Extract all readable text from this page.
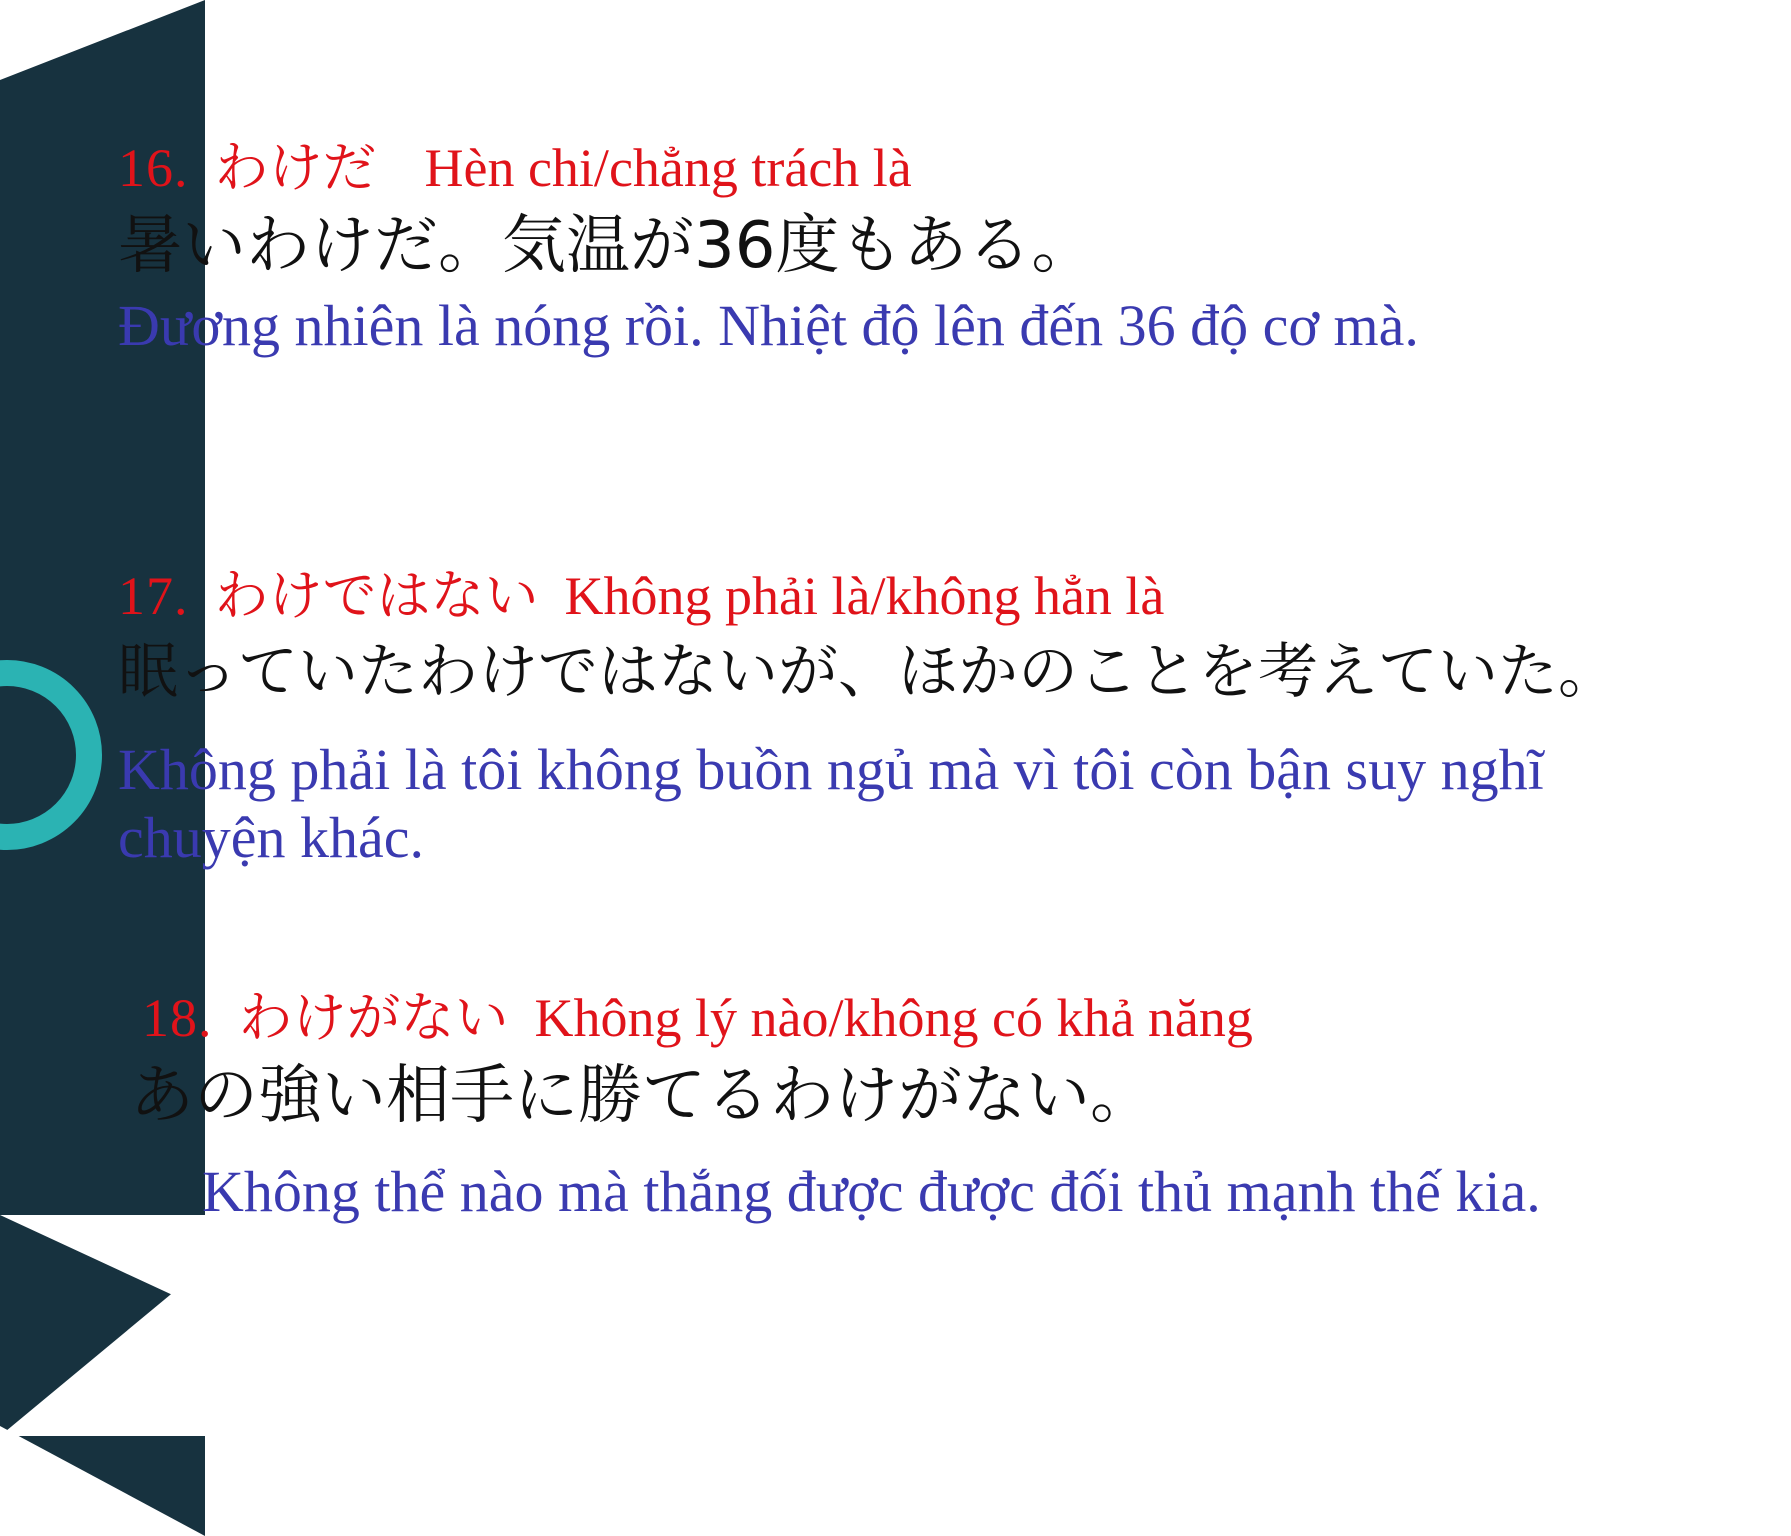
16. わけだ Hèn chi/chẳng trách là
暑いわけだ。気温が36度もある。
Đương nhiên là nóng rồi. Nhiệt độ lên đến 36 độ cơ mà.
17. わけではない Không phải là/không hẳn là
眠っていたわけではないが、ほかのことを考えていた。
Không phải là tôi không buồn ngủ mà vì tôi còn bận suy nghĩ chuyện khác.
18. わけがない Không lý nào/không có khả năng
あの強い相手に勝てるわけがない。
Không thể nào mà thắng được được đối thủ mạnh thế kia.
